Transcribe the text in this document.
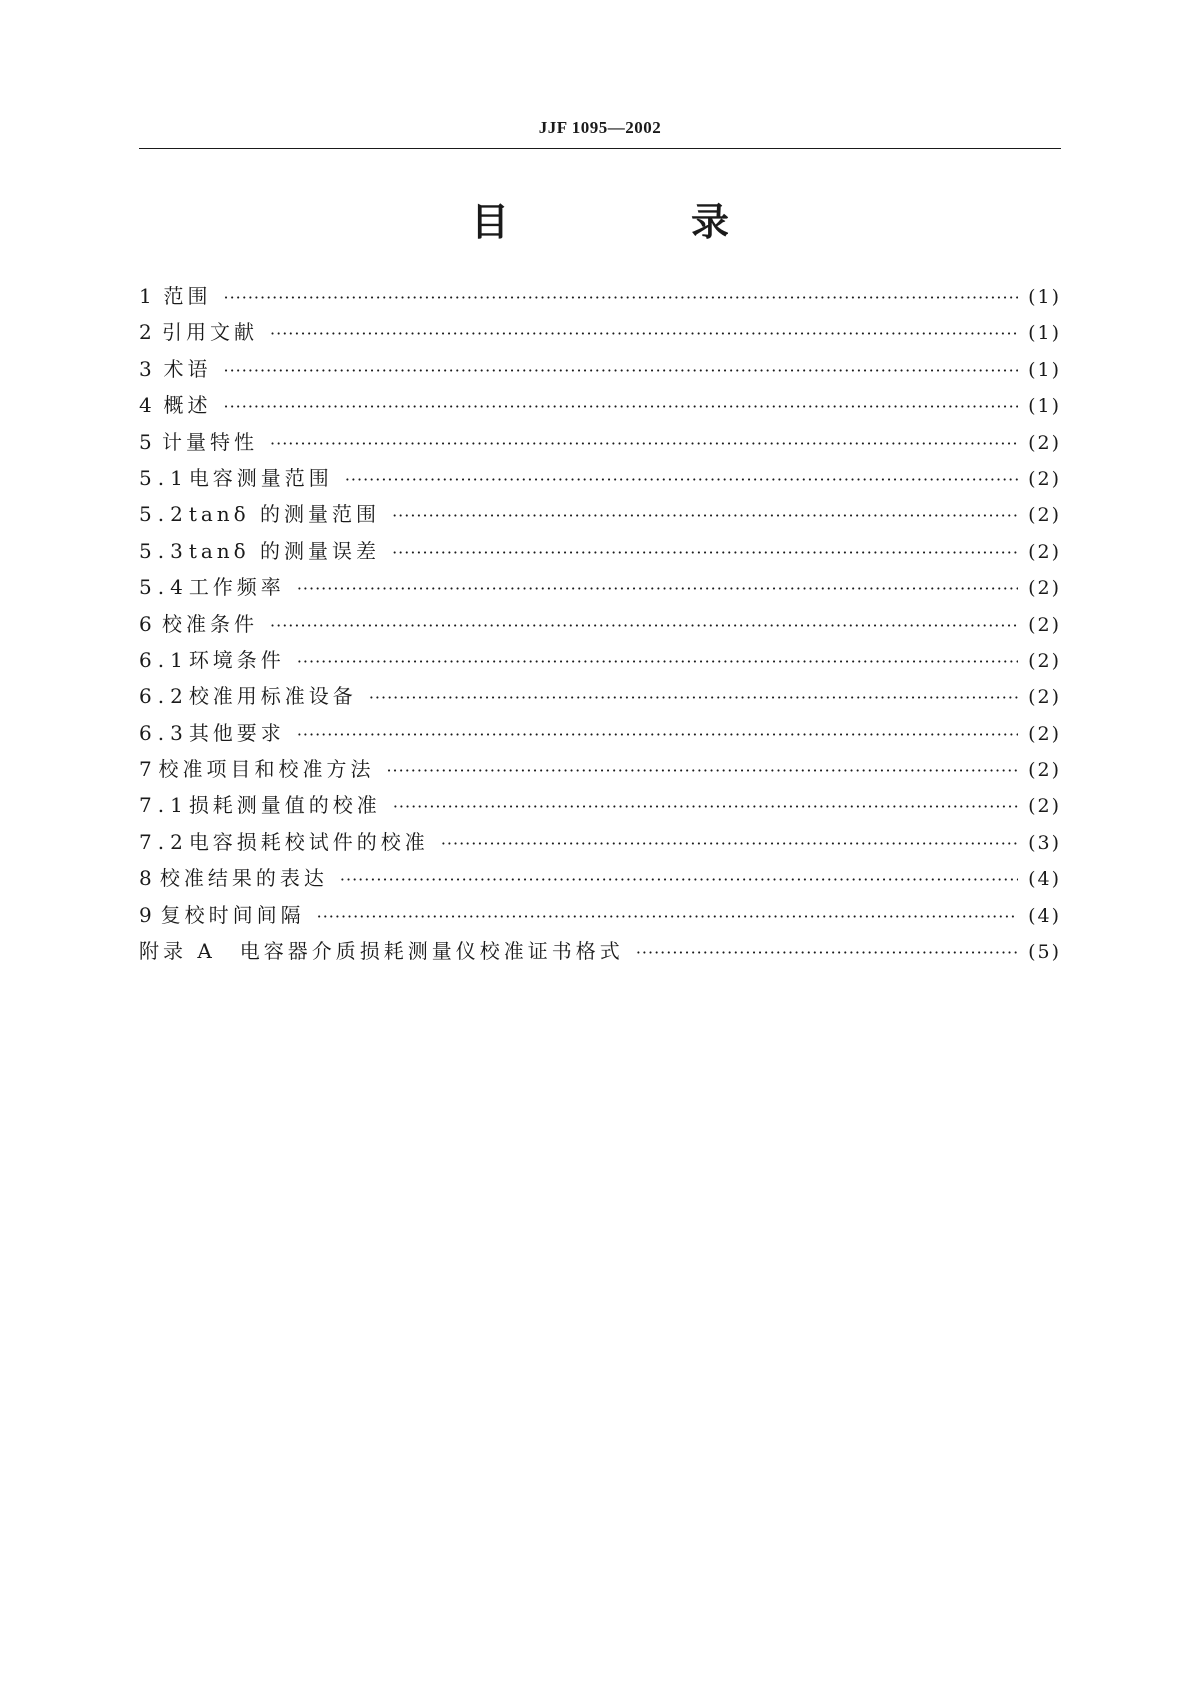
JJF 1095—2002
目　录
1 范围 ·····	(1)
2 引用文献 ·····	(1)
3 术语 ·····	(1)
4 概述 ·····	(1)
5 计量特性 ·····	(2)
5.1 电容测量范围 ·····	(2)
5.2 tanδ 的测量范围 ·····	(2)
5.3 tanδ 的测量误差 ·····	(2)
5.4 工作频率 ·····	(2)
6 校准条件 ·····	(2)
6.1 环境条件 ·····	(2)
6.2 校准用标准设备 ·····	(2)
6.3 其他要求 ·····	(2)
7 校准项目和校准方法 ·····	(2)
7.1 损耗测量值的校准 ·····	(2)
7.2 电容损耗校试件的校准 ·····	(3)
8 校准结果的表达 ·····	(4)
9 复校时间间隔 ·····	(4)
附录 A　电容器介质损耗测量仪校准证书格式 ·····	(5)
